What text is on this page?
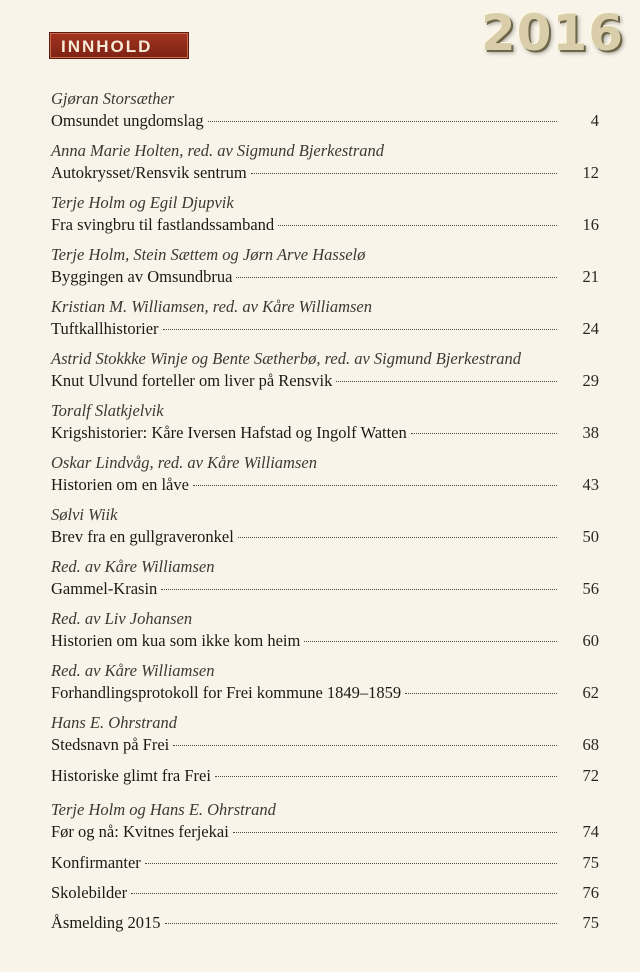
INNHOLD	2016
Gjøran Storsæther
Omsundet ungdomslag	4
Anna Marie Holten, red. av Sigmund Bjerkestrand
Autokrysset/Rensvik sentrum	12
Terje Holm og Egil Djupvik
Fra svingbru til fastlandssamband	16
Terje Holm, Stein Sættem og Jørn Arve Hasselø
Byggingen av Omsundbrua	21
Kristian M. Williamsen, red. av Kåre Williamsen
Tuftkallhistorier	24
Astrid Stokkke Winje og Bente Sætherbø, red. av Sigmund Bjerkestrand
Knut Ulvund forteller om liver på Rensvik	29
Toralf Slatkjelvik
Krigshistorier: Kåre Iversen Hafstad og Ingolf Watten	38
Oskar Lindvåg, red. av Kåre Williamsen
Historien om en låve	43
Sølvi Wiik
Brev fra en gullgraveronkel	50
Red. av Kåre Williamsen
Gammel-Krasin	56
Red. av Liv Johansen
Historien om kua som ikke kom heim	60
Red. av Kåre Williamsen
Forhandlingsprotokoll for Frei kommune 1849–1859	62
Hans E. Ohrstrand
Stedsnavn på Frei	68
Historiske glimt fra Frei	72
Terje Holm og Hans E. Ohrstrand
Før og nå: Kvitnes ferjekai	74
Konfirmanter	75
Skolebilder	76
Åsmelding 2015	75
